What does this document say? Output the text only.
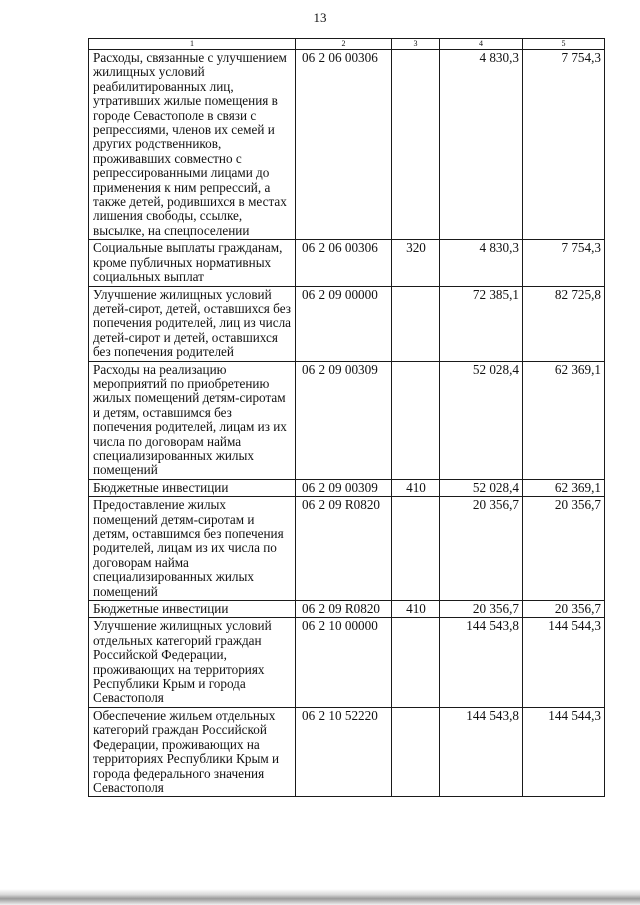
13
1	2	3	4	5
Расходы, связанные с улучшением жилищных условий реабилитированных лиц, утративших жилые помещения в городе Севастополе в связи с репрессиями, членов их семей и других родственников, проживавших совместно с репрессированными лицами до применения к ним репрессий, а также детей, родившихся в местах лишения свободы, ссылке, высылке, на спецпоселении	06 2 06 00306		4 830,3	7 754,3
Социальные выплаты гражданам, кроме публичных нормативных социальных выплат	06 2 06 00306	320	4 830,3	7 754,3
Улучшение жилищных условий детей-сирот, детей, оставшихся без попечения родителей, лиц из числа детей-сирот и детей, оставшихся без попечения родителей	06 2 09 00000		72 385,1	82 725,8
Расходы на реализацию мероприятий по приобретению жилых помещений детям-сиротам и детям, оставшимся без попечения родителей, лицам из их числа по договорам найма специализированных жилых помещений	06 2 09 00309		52 028,4	62 369,1
Бюджетные инвестиции	06 2 09 00309	410	52 028,4	62 369,1
Предоставление жилых помещений детям-сиротам и детям, оставшимся без попечения родителей, лицам из их числа по договорам найма специализированных жилых помещений	06 2 09 R0820		20 356,7	20 356,7
Бюджетные инвестиции	06 2 09 R0820	410	20 356,7	20 356,7
Улучшение жилищных условий отдельных категорий граждан Российской Федерации, проживающих на территориях Республики Крым и города Севастополя	06 2 10 00000		144 543,8	144 544,3
Обеспечение жильем отдельных категорий граждан Российской Федерации, проживающих на территориях Республики Крым и города федерального значения Севастополя	06 2 10 52220		144 543,8	144 544,3
